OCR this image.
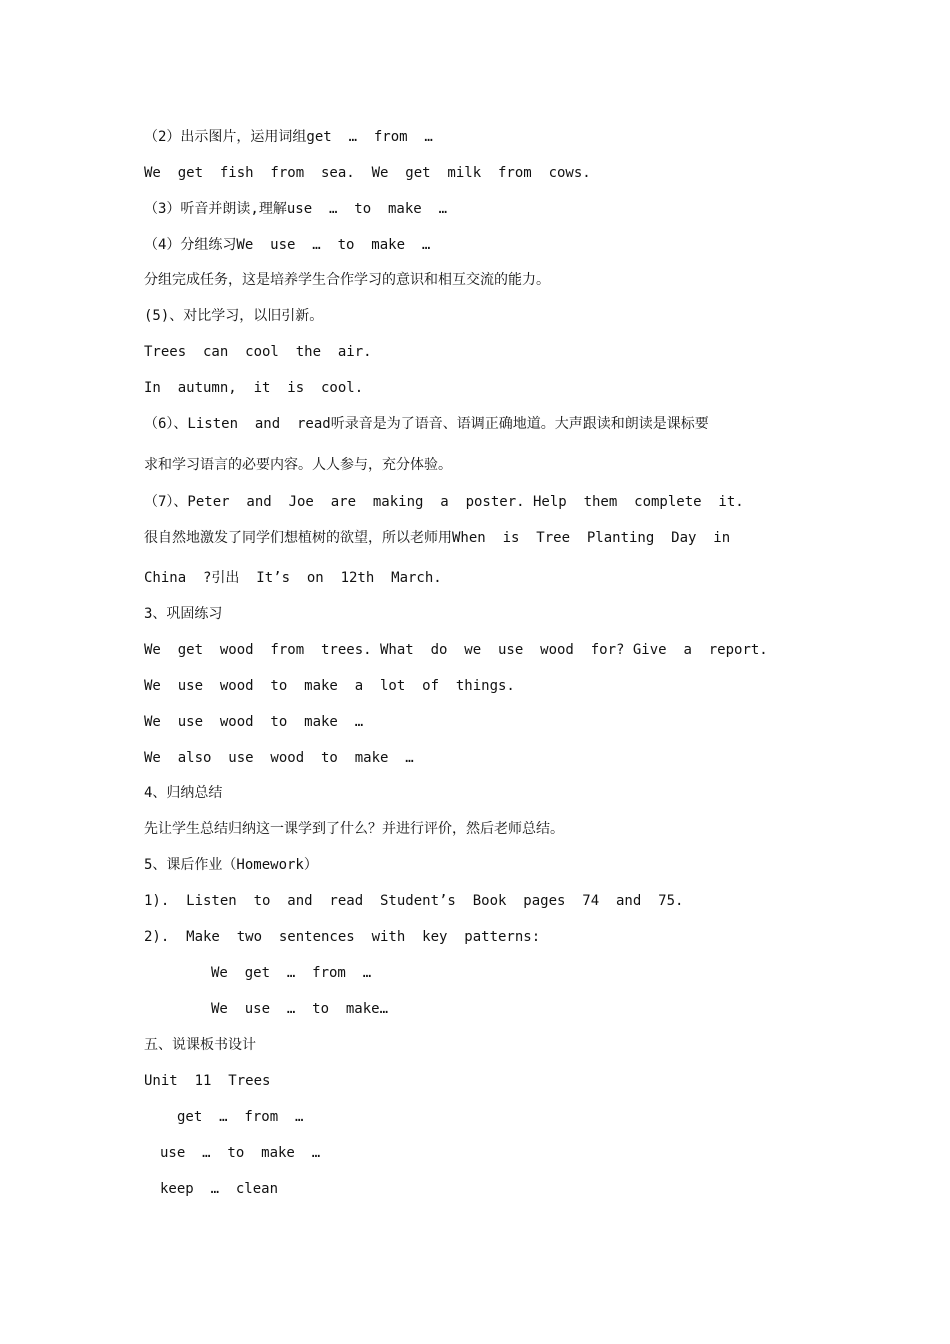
（2）出示图片，运用词组get  …  from  …
We  get  fish  from  sea.  We  get  milk  from  cows.
（3）听音并朗读,理解use  …  to  make  …
（4）分组练习We  use  …  to  make  …
分组完成任务，这是培养学生合作学习的意识和相互交流的能力。
(5)、对比学习，以旧引新。
Trees  can  cool  the  air.
In  autumn,  it  is  cool.
（6）、Listen  and  read听录音是为了语音、语调正确地道。大声跟读和朗读是课标要
求和学习语言的必要内容。人人参与，充分体验。
（7）、Peter  and  Joe  are  making  a  poster. Help  them  complete  it.
很自然地激发了同学们想植树的欲望，所以老师用When  is  Tree  Planting  Day  in
China  ?引出  It’s  on  12th  March.
3、巩固练习
We  get  wood  from  trees. What  do  we  use  wood  for? Give  a  report.
We  use  wood  to  make  a  lot  of  things.
We  use  wood  to  make  …
We  also  use  wood  to  make  …
4、归纳总结
先让学生总结归纳这一课学到了什么？并进行评价，然后老师总结。
5、课后作业（Homework）
1).  Listen  to  and  read  Student’s  Book  pages  74  and  75.
2).  Make  two  sentences  with  key  patterns:
We  get  …  from  …
We  use  …  to  make…
五、说课板书设计
Unit  11  Trees
get  …  from  …
use  …  to  make  …
keep  …  clean
